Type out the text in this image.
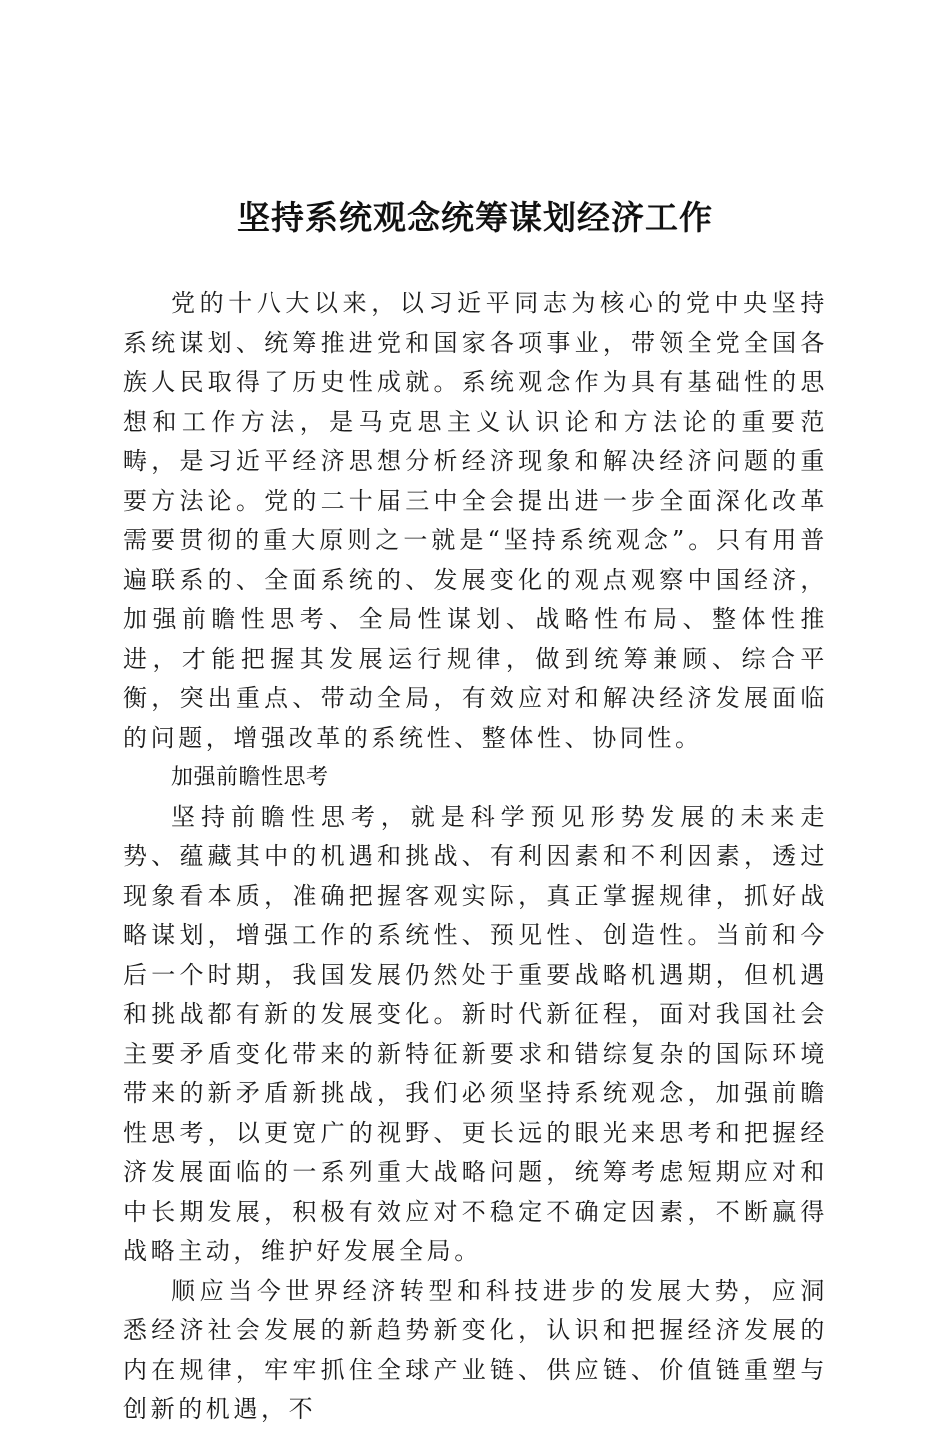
坚持系统观念统筹谋划经济工作

党的十八大以来，以习近平同志为核心的党中央坚持系统谋划、统筹推进党和国家各项事业，带领全党全国各族人民取得了历史性成就。系统观念作为具有基础性的思想和工作方法，是马克思主义认识论和方法论的重要范畴，是习近平经济思想分析经济现象和解决经济问题的重要方法论。党的二十届三中全会提出进一步全面深化改革需要贯彻的重大原则之一就是“坚持系统观念”。只有用普遍联系的、全面系统的、发展变化的观点观察中国经济，加强前瞻性思考、全局性谋划、战略性布局、整体性推进，才能把握其发展运行规律，做到统筹兼顾、综合平衡，突出重点、带动全局，有效应对和解决经济发展面临的问题，增强改革的系统性、整体性、协同性。

加强前瞻性思考

坚持前瞻性思考，就是科学预见形势发展的未来走势、蕴藏其中的机遇和挑战、有利因素和不利因素，透过现象看本质，准确把握客观实际，真正掌握规律，抓好战略谋划，增强工作的系统性、预见性、创造性。当前和今后一个时期，我国发展仍然处于重要战略机遇期，但机遇和挑战都有新的发展变化。新时代新征程，面对我国社会主要矛盾变化带来的新特征新要求和错综复杂的国际环境带来的新矛盾新挑战，我们必须坚持系统观念，加强前瞻性思考，以更宽广的视野、更长远的眼光来思考和把握经济发展面临的一系列重大战略问题，统筹考虑短期应对和中长期发展，积极有效应对不稳定不确定因素，不断赢得战略主动，维护好发展全局。

顺应当今世界经济转型和科技进步的发展大势，应洞悉经济社会发展的新趋势新变化，认识和把握经济发展的内在规律，牢牢抓住全球产业链、供应链、价值链重塑与创新的机遇，不
